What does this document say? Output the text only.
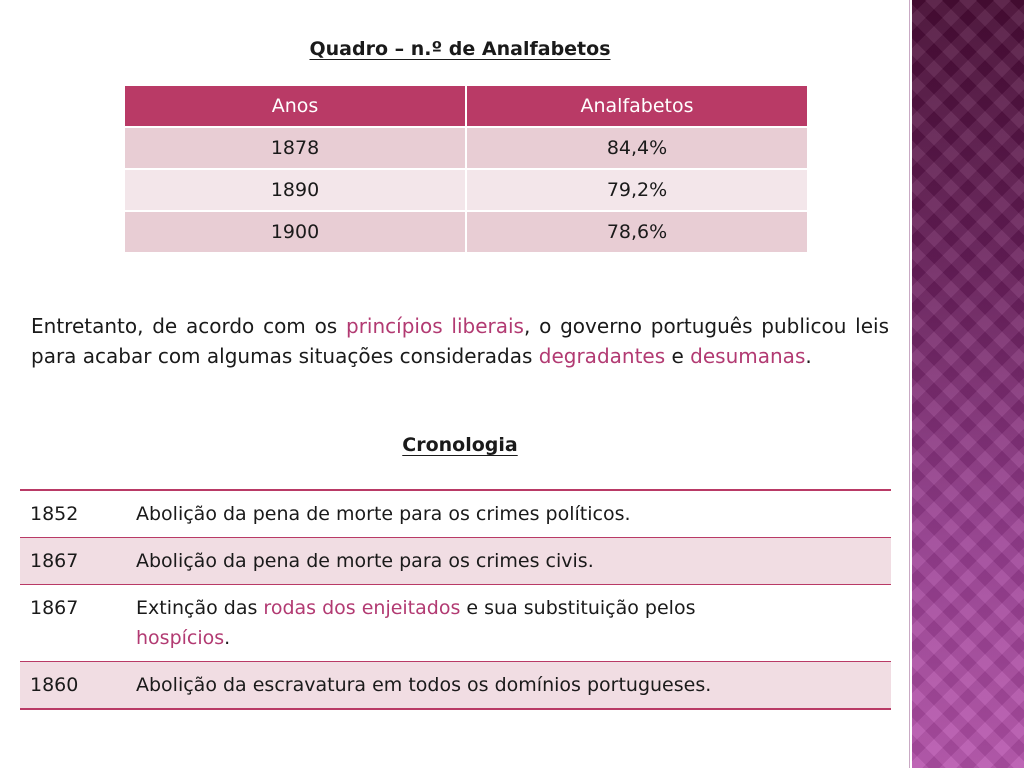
Quadro – n.º de Analfabetos
Anos	Analfabetos
1878	84,4%
1890	79,2%
1900	78,6%

Entretanto, de acordo com os princípios liberais, o governo português publicou leis para acabar com algumas situações consideradas degradantes e desumanas.

Cronologia
1852	Abolição da pena de morte para os crimes políticos.
1867	Abolição da pena de morte para os crimes civis.
1867	Extinção das rodas dos enjeitados e sua substituição pelos
hospícios.
1860	Abolição da escravatura em todos os domínios portugueses.
